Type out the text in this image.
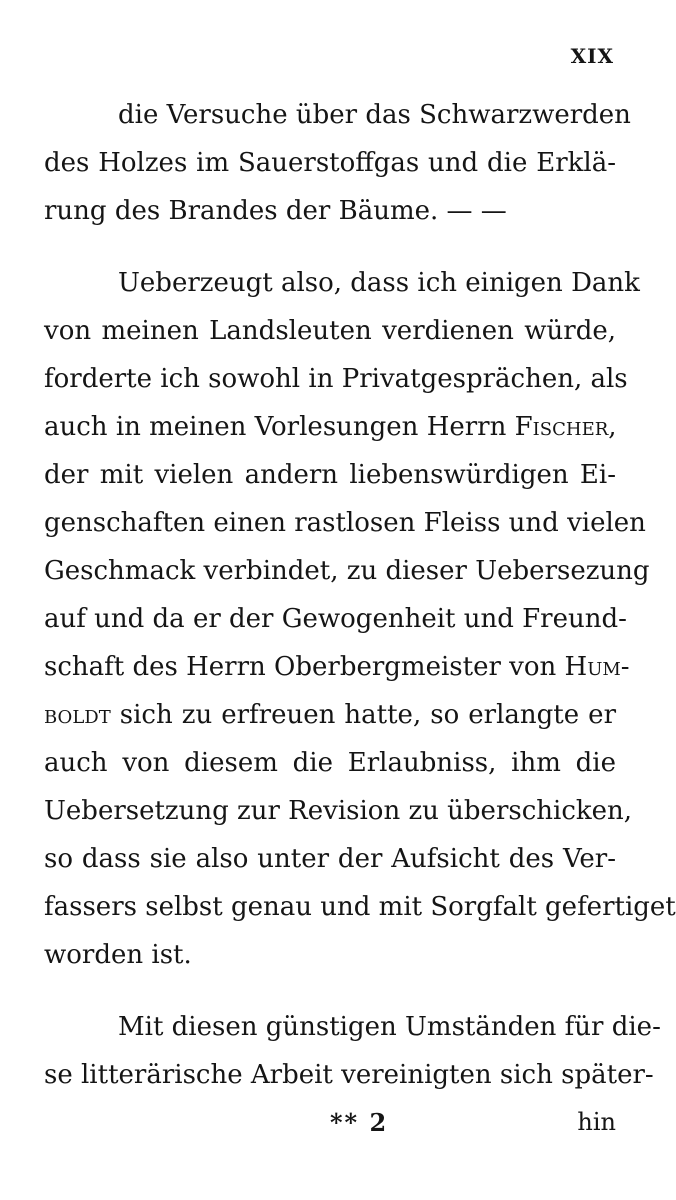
XIX
die Versuche über das Schwarzwerden
des Holzes im Sauerstoffgas und die Erklä-
rung des Brandes der Bäume. — —
Ueberzeugt also, dass ich einigen Dank
von meinen Landsleuten verdienen würde,
forderte ich sowohl in Privatgesprächen, als
auch in meinen Vorlesungen Herrn Fischer,
der mit vielen andern liebenswürdigen Ei-
genschaften einen rastlosen Fleiss und vielen
Geschmack verbindet, zu dieser Uebersezung
auf und da er der Gewogenheit und Freund-
schaft des Herrn Oberbergmeister von Hum-
boldt sich zu erfreuen hatte, so erlangte er
auch von diesem die Erlaubniss, ihm die
Uebersetzung zur Revision zu überschicken,
so dass sie also unter der Aufsicht des Ver-
fassers selbst genau und mit Sorgfalt gefertiget
worden ist.
Mit diesen günstigen Umständen für die-
se litterärische Arbeit vereinigten sich später-
** 2	hin
